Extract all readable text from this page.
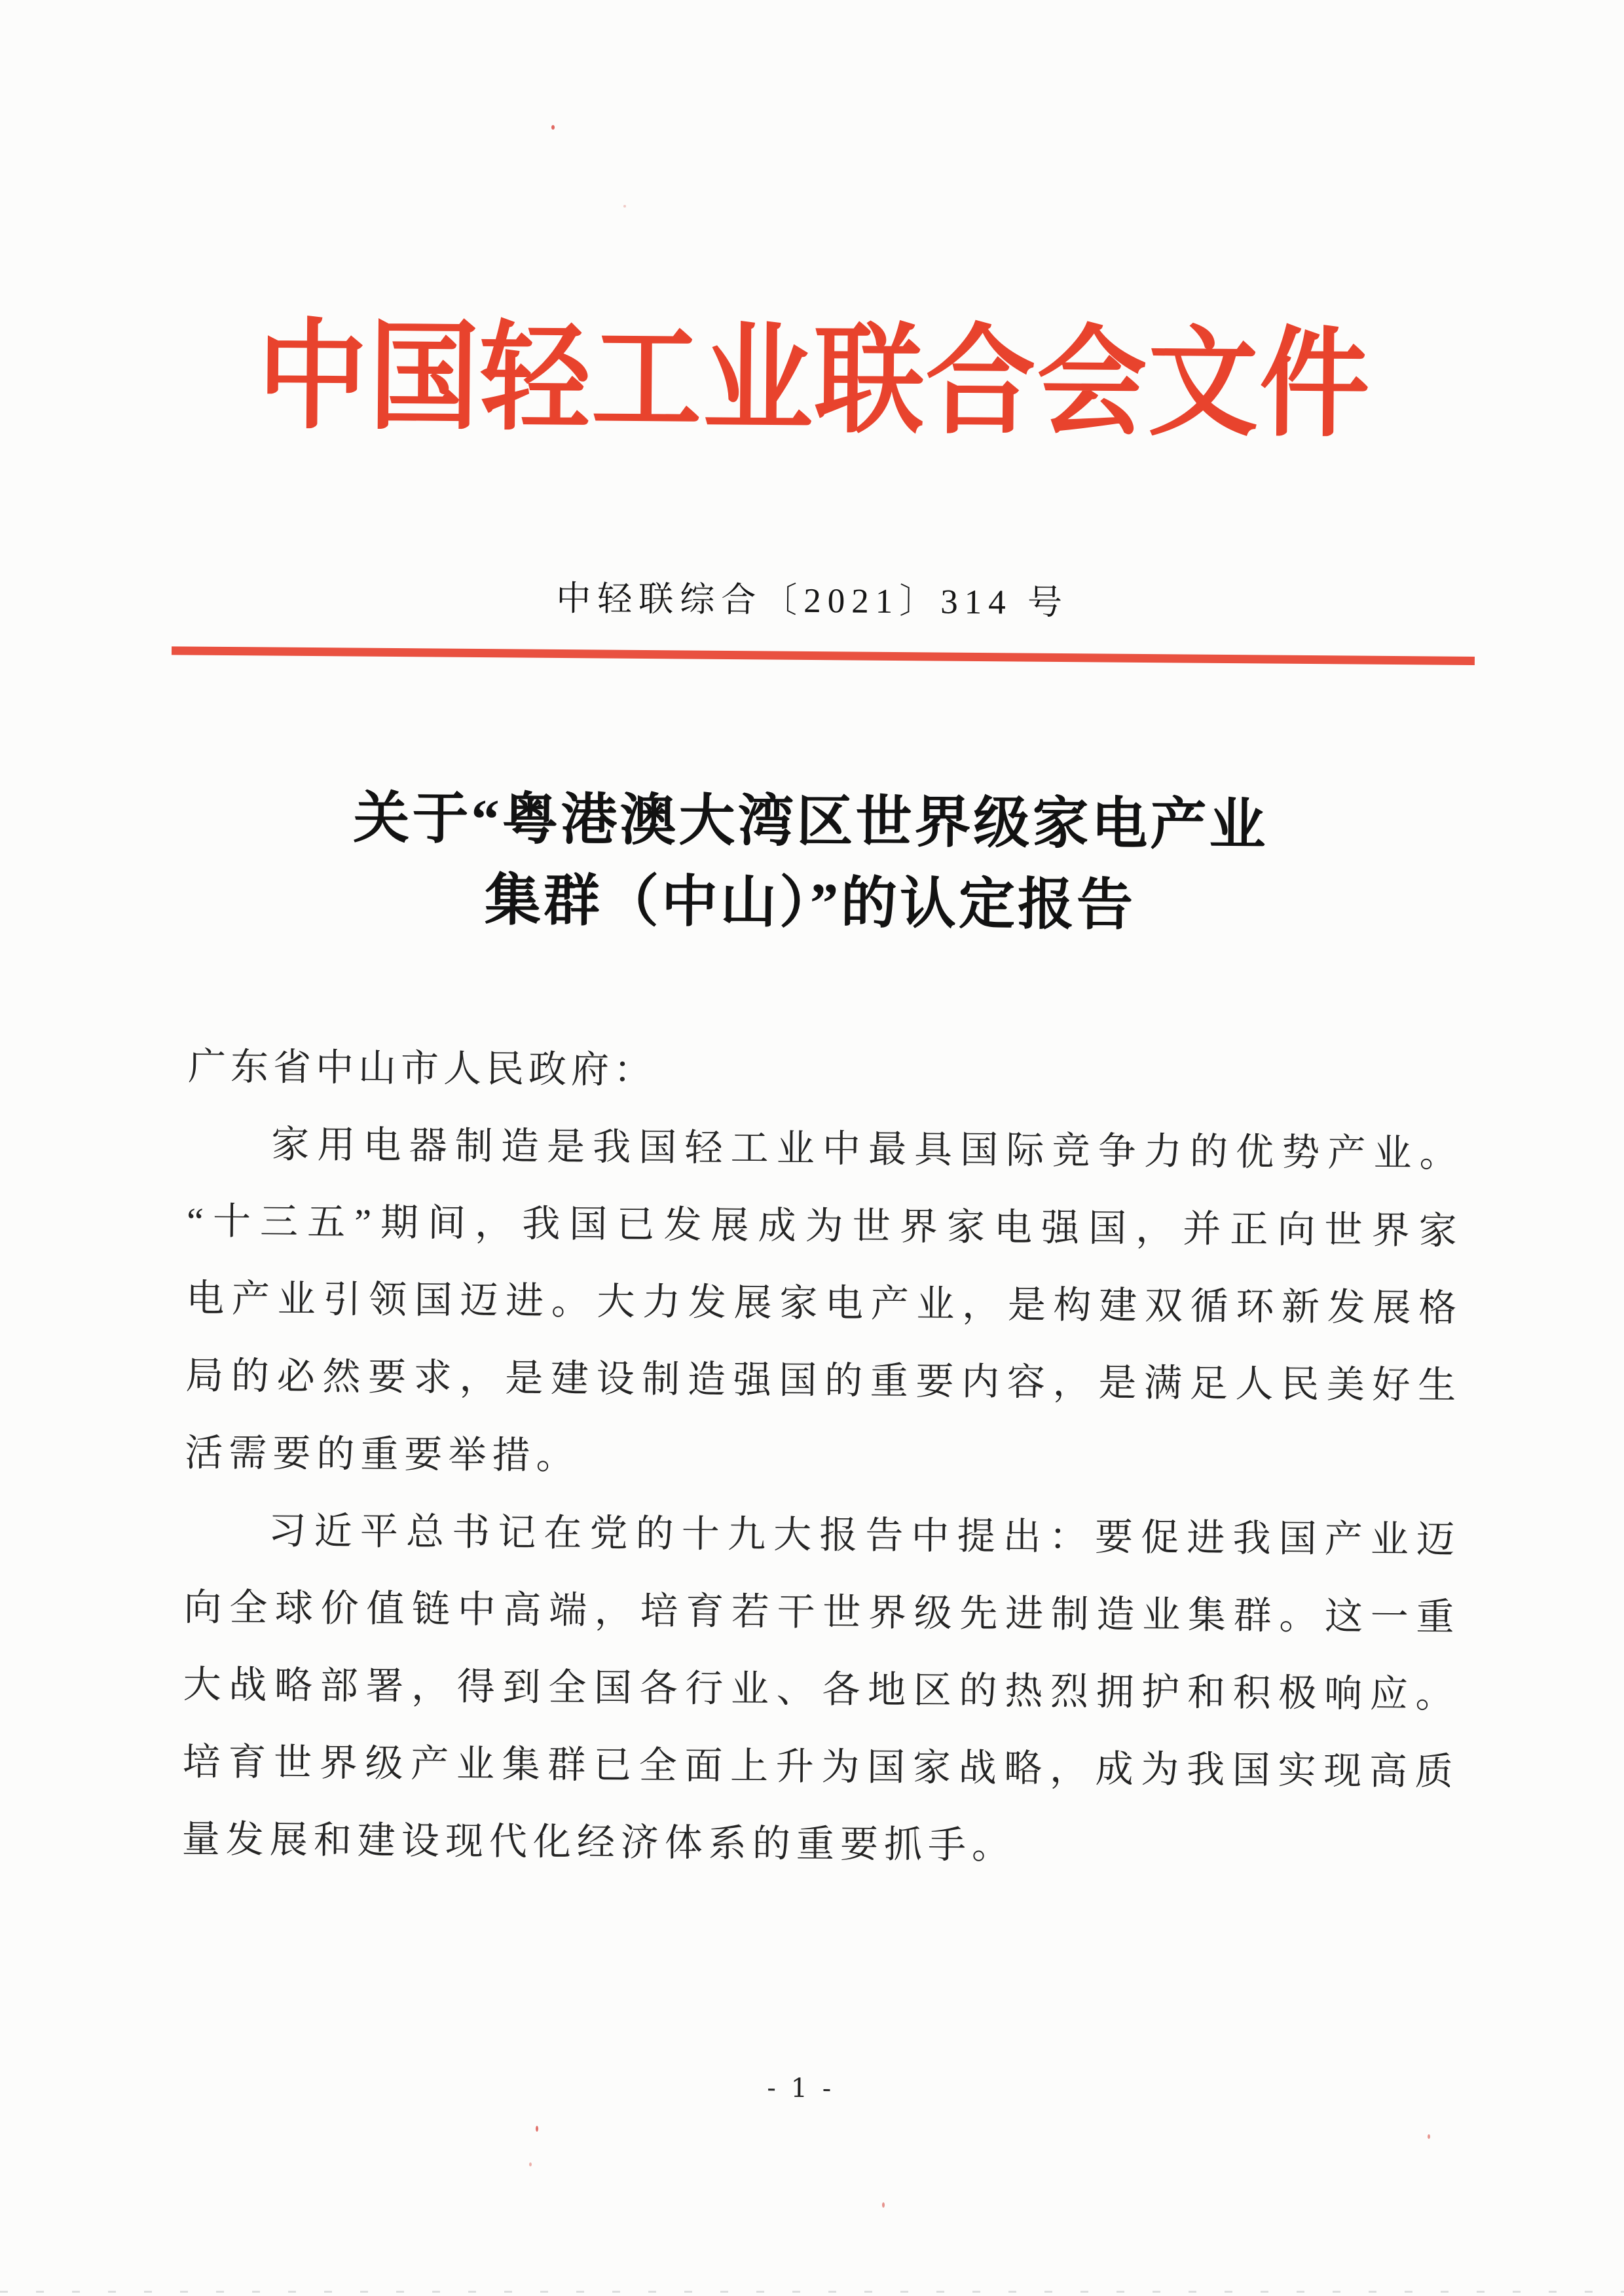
中国轻工业联合会文件
中轻联综合〔2021〕314 号
关于“粤港澳大湾区世界级家电产业
集群（中山）”的认定报告
广东省中山市人民政府：
家 用 电 器 制 造 是 我 国 轻 工 业 中 最 具 国 际 竞 争 力 的 优 势 产 业 。
“ 十 三 五 ” 期 间 ， 我 国 已 发 展 成 为 世 界 家 电 强 国 ， 并 正 向 世 界 家
电 产 业 引 领 国 迈 进 。 大 力 发 展 家 电 产 业 ， 是 构 建 双 循 环 新 发 展 格
局 的 必 然 要 求 ， 是 建 设 制 造 强 国 的 重 要 内 容 ， 是 满 足 人 民 美 好 生
活 需 要 的 重 要 举 措 。
习 近 平 总 书 记 在 党 的 十 九 大 报 告 中 提 出 ： 要 促 进 我 国 产 业 迈
向 全 球 价 值 链 中 高 端 ， 培 育 若 干 世 界 级 先 进 制 造 业 集 群 。 这 一 重
大 战 略 部 署 ， 得 到 全 国 各 行 业 、 各 地 区 的 热 烈 拥 护 和 积 极 响 应 。
培 育 世 界 级 产 业 集 群 已 全 面 上 升 为 国 家 战 略 ， 成 为 我 国 实 现 高 质
量 发 展 和 建 设 现 代 化 经 济 体 系 的 重 要 抓 手 。
- 1 -
